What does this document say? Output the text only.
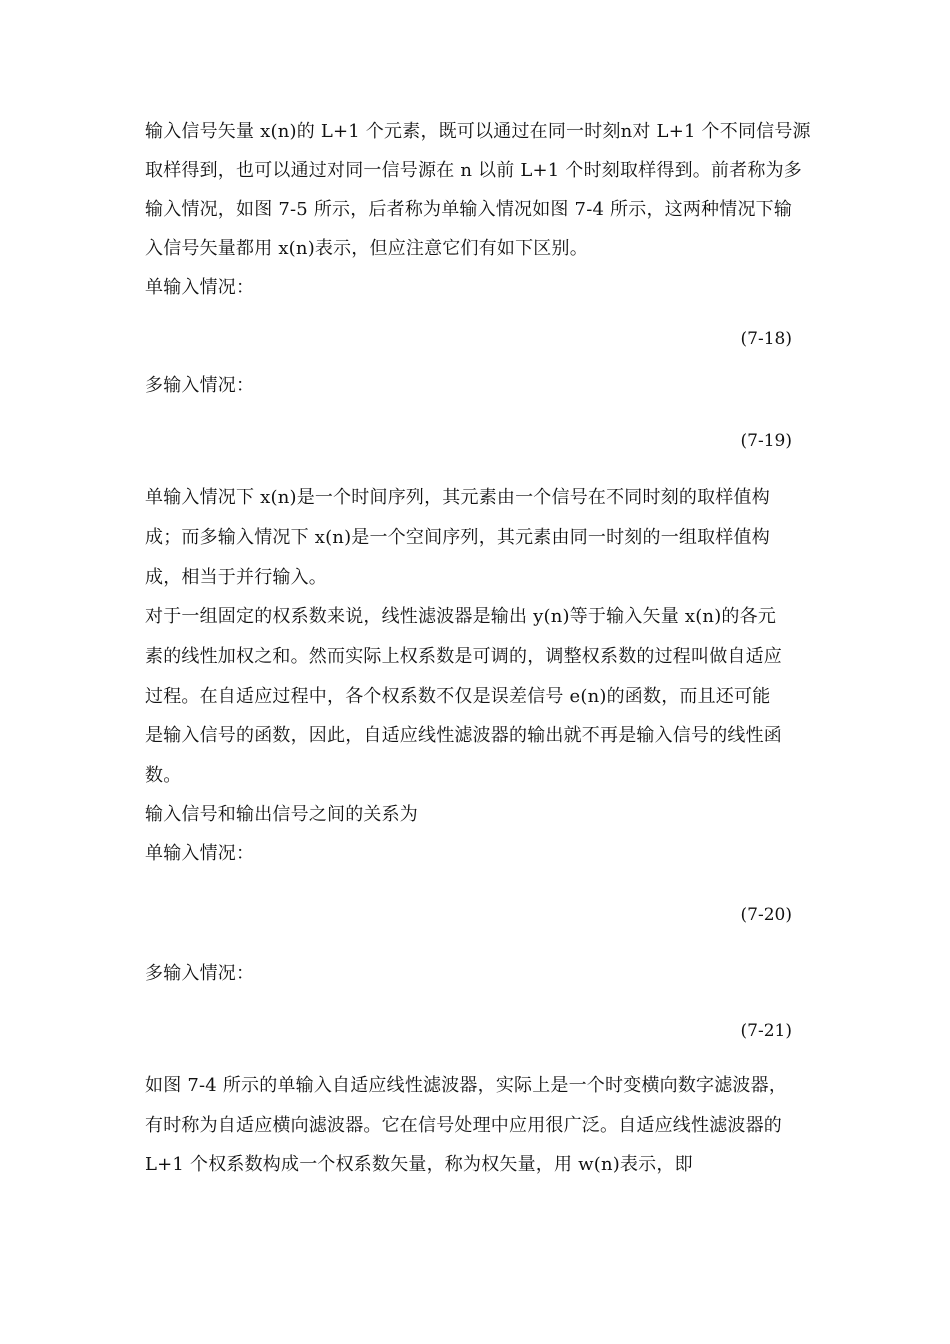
输入信号矢量 x(n)的 L+1 个元素，既可以通过在同一时刻n对 L+1 个不同信号源
取样得到，也可以通过对同一信号源在 n 以前 L+1 个时刻取样得到。前者称为多
输入情况，如图 7-5 所示，后者称为单输入情况如图 7-4 所示，这两种情况下输
入信号矢量都用 x(n)表示，但应注意它们有如下区别。
单输入情况：
(7-18)
多输入情况：
(7-19)
单输入情况下 x(n)是一个时间序列，其元素由一个信号在不同时刻的取样值构
成；而多输入情况下 x(n)是一个空间序列，其元素由同一时刻的一组取样值构
成，相当于并行输入。
对于一组固定的权系数来说，线性滤波器是输出 y(n)等于输入矢量 x(n)的各元
素的线性加权之和。然而实际上权系数是可调的，调整权系数的过程叫做自适应
过程。在自适应过程中，各个权系数不仅是误差信号 e(n)的函数，而且还可能
是输入信号的函数，因此，自适应线性滤波器的输出就不再是输入信号的线性函
数。
输入信号和输出信号之间的关系为
单输入情况：
(7-20)
多输入情况：
(7-21)
如图 7-4 所示的单输入自适应线性滤波器，实际上是一个时变横向数字滤波器，
有时称为自适应横向滤波器。它在信号处理中应用很广泛。自适应线性滤波器的
L+1 个权系数构成一个权系数矢量，称为权矢量，用 w(n)表示，即
